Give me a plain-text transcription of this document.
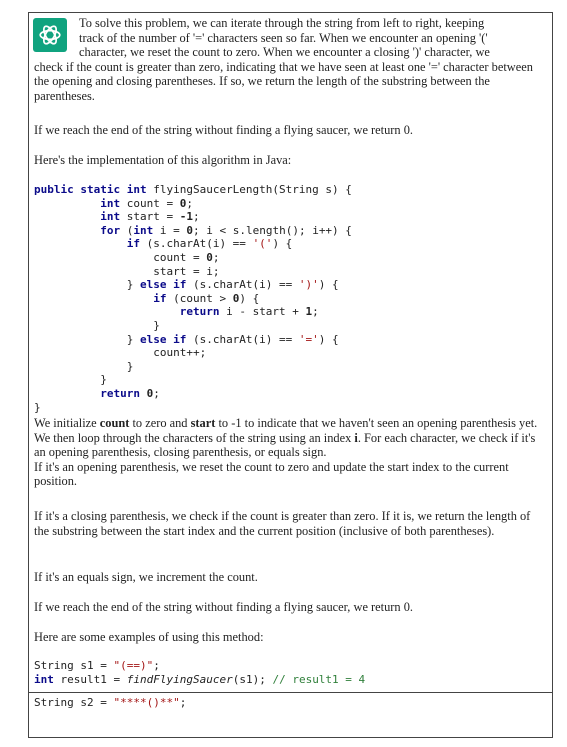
To solve this problem, we can iterate through the string from left to right, keeping
track of the number of '=' characters seen so far. When we encounter an opening '('
character, we reset the count to zero. When we encounter a closing ')' character, we
check if the count is greater than zero, indicating that we have seen at least one '=' character between the opening and closing parentheses. If so, we return the length of the substring between the parentheses.
If we reach the end of the string without finding a flying saucer, we return 0.
Here's the implementation of this algorithm in Java:
public static int flyingSaucerLength(String s) {
int count = 0;
int start = -1;
for (int i = 0; i < s.length(); i++) {
if (s.charAt(i) == '(') {
count = 0;
start = i;
} else if (s.charAt(i) == ')') {
if (count > 0) {
return i - start + 1;
}
} else if (s.charAt(i) == '=') {
count++;
}
}
return 0;
}
We initialize count to zero and start to -1 to indicate that we haven't seen an opening parenthesis yet. We then loop through the characters of the string using an index i. For each character, we check if it's an opening parenthesis, closing parenthesis, or equals sign.
If it's an opening parenthesis, we reset the count to zero and update the start index to the current position.
If it's a closing parenthesis, we check if the count is greater than zero. If it is, we return the length of the substring between the start index and the current position (inclusive of both parentheses).
If it's an equals sign, we increment the count.
If we reach the end of the string without finding a flying saucer, we return 0.
Here are some examples of using this method:
String s1 = "(==)";
int result1 = findFlyingSaucer(s1); // result1 = 4

String s2 = "****()**";
